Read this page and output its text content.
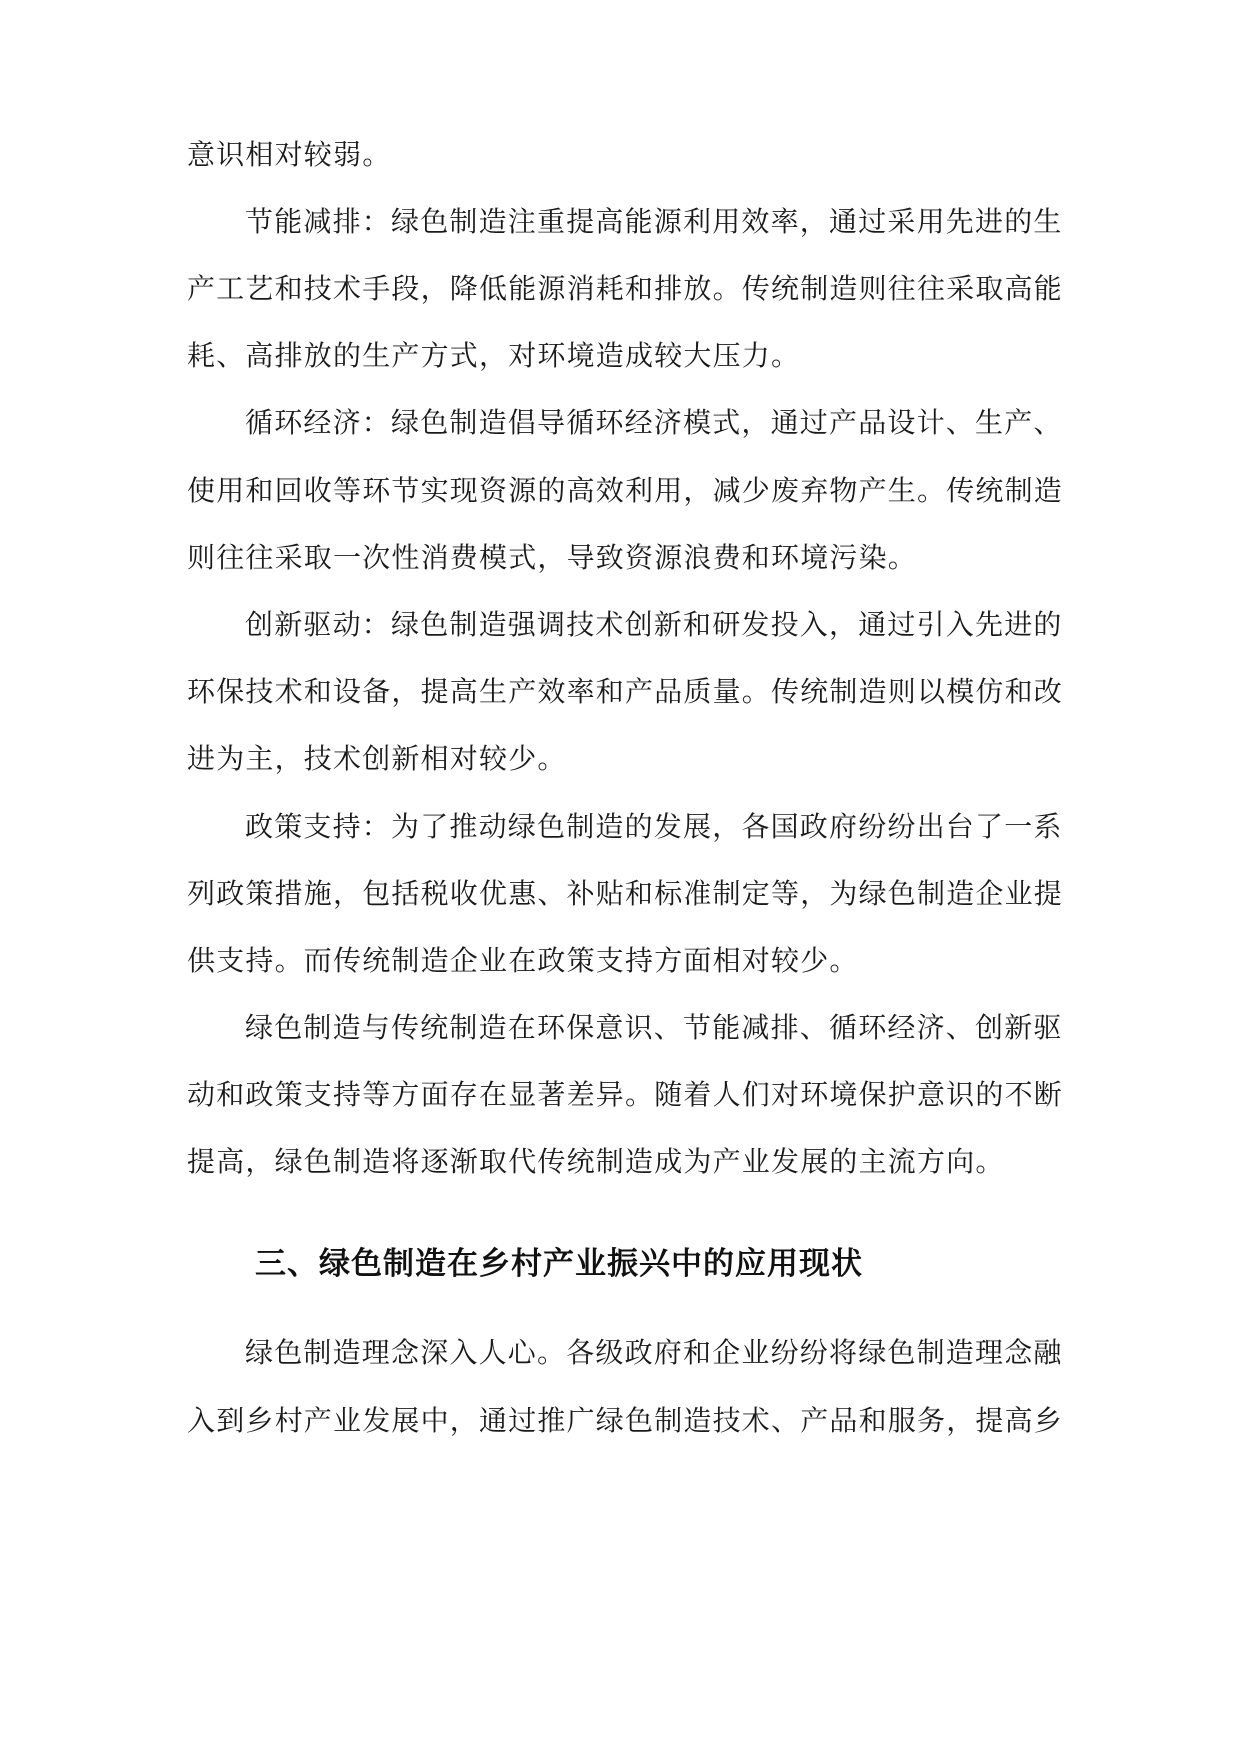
意识相对较弱。
节能减排：绿色制造注重提高能源利用效率，通过采用先进的生
产工艺和技术手段，降低能源消耗和排放。传统制造则往往采取高能
耗、高排放的生产方式，对环境造成较大压力。
循环经济：绿色制造倡导循环经济模式，通过产品设计、生产、
使用和回收等环节实现资源的高效利用，减少废弃物产生。传统制造
则往往采取一次性消费模式，导致资源浪费和环境污染。
创新驱动：绿色制造强调技术创新和研发投入，通过引入先进的
环保技术和设备，提高生产效率和产品质量。传统制造则以模仿和改
进为主，技术创新相对较少。
政策支持：为了推动绿色制造的发展，各国政府纷纷出台了一系
列政策措施，包括税收优惠、补贴和标准制定等，为绿色制造企业提
供支持。而传统制造企业在政策支持方面相对较少。
绿色制造与传统制造在环保意识、节能减排、循环经济、创新驱
动和政策支持等方面存在显著差异。随着人们对环境保护意识的不断
提高，绿色制造将逐渐取代传统制造成为产业发展的主流方向。
三、绿色制造在乡村产业振兴中的应用现状
绿色制造理念深入人心。各级政府和企业纷纷将绿色制造理念融
入到乡村产业发展中，通过推广绿色制造技术、产品和服务，提高乡
